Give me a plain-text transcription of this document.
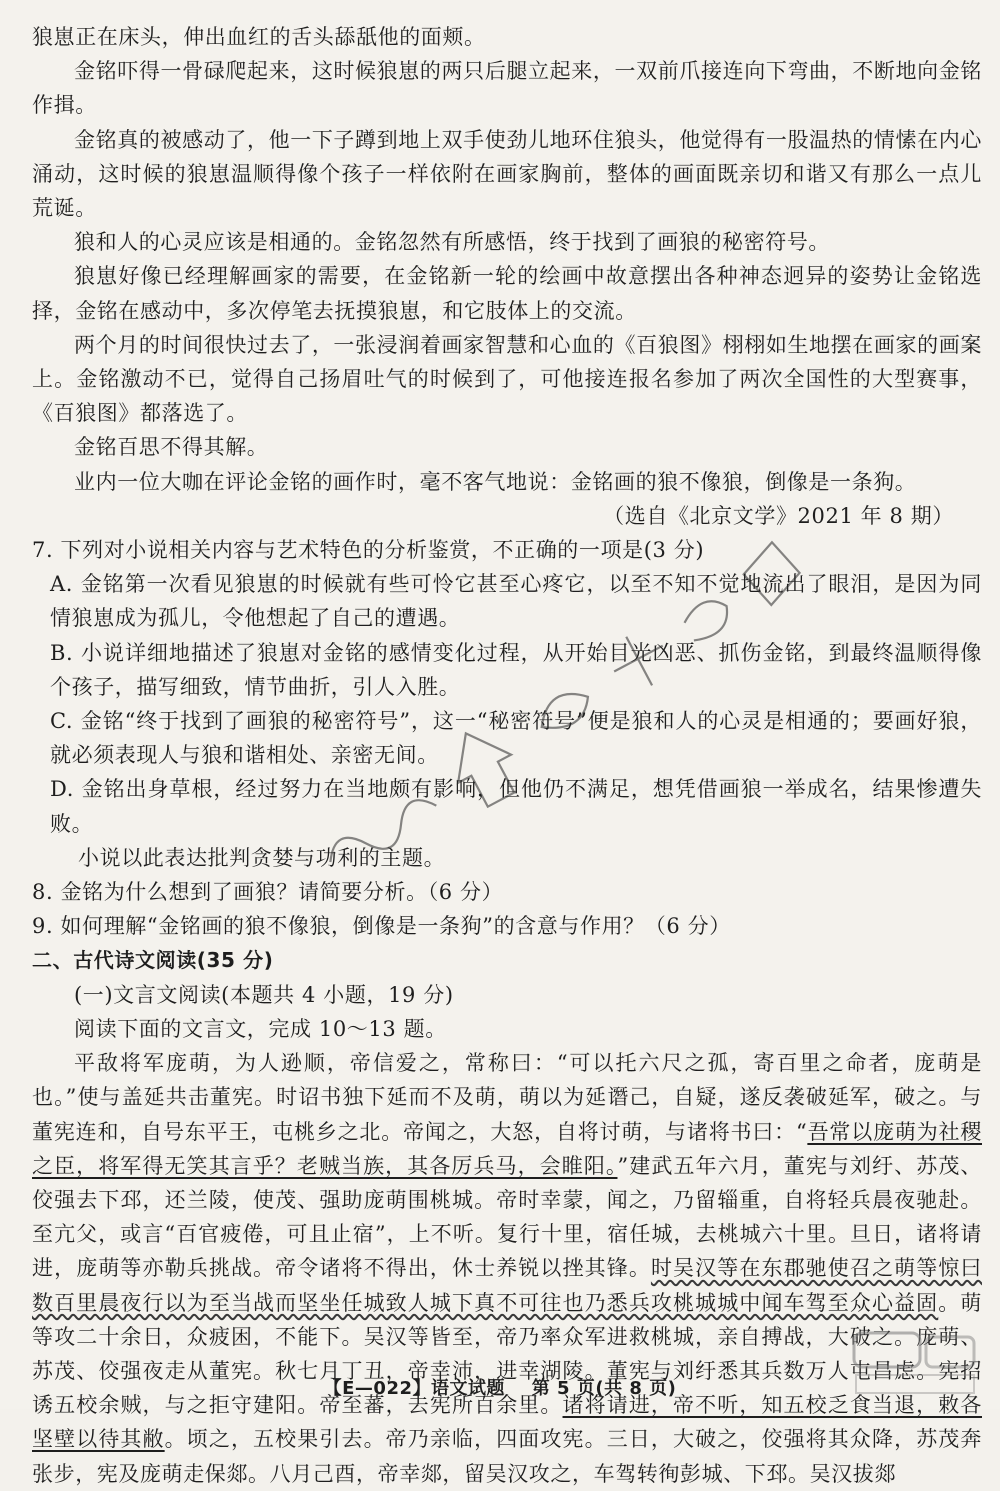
狼崽正在床头，伸出血红的舌头舔舐他的面颊。

金铭吓得一骨碌爬起来，这时候狼崽的两只后腿立起来，一双前爪接连向下弯曲，不断地向金铭作揖。

金铭真的被感动了，他一下子蹲到地上双手使劲儿地环住狼头，他觉得有一股温热的情愫在内心涌动，这时候的狼崽温顺得像个孩子一样依附在画家胸前，整体的画面既亲切和谐又有那么一点儿荒诞。

狼和人的心灵应该是相通的。金铭忽然有所感悟，终于找到了画狼的秘密符号。

狼崽好像已经理解画家的需要，在金铭新一轮的绘画中故意摆出各种神态迥异的姿势让金铭选择，金铭在感动中，多次停笔去抚摸狼崽，和它肢体上的交流。

两个月的时间很快过去了，一张浸润着画家智慧和心血的《百狼图》栩栩如生地摆在画家的画案上。金铭激动不已，觉得自己扬眉吐气的时候到了，可他接连报名参加了两次全国性的大型赛事，《百狼图》都落选了。

金铭百思不得其解。

业内一位大咖在评论金铭的画作时，毫不客气地说：金铭画的狼不像狼，倒像是一条狗。

（选自《北京文学》2021 年 8 期）

7. 下列对小说相关内容与艺术特色的分析鉴赏，不正确的一项是(3 分)

A. 金铭第一次看见狼崽的时候就有些可怜它甚至心疼它，以至不知不觉地流出了眼泪，是因为同情狼崽成为孤儿，令他想起了自己的遭遇。

B. 小说详细地描述了狼崽对金铭的感情变化过程，从开始目光凶恶、抓伤金铭，到最终温顺得像个孩子，描写细致，情节曲折，引人入胜。

C. 金铭“终于找到了画狼的秘密符号”，这一“秘密符号”便是狼和人的心灵是相通的；要画好狼，就必须表现人与狼和谐相处、亲密无间。

D. 金铭出身草根，经过努力在当地颇有影响，但他仍不满足，想凭借画狼一举成名，结果惨遭失败。

小说以此表达批判贪婪与功利的主题。

8. 金铭为什么想到了画狼？请简要分析。（6 分）

9. 如何理解“金铭画的狼不像狼，倒像是一条狗”的含意与作用？（6 分）

二、古代诗文阅读(35 分)

(一)文言文阅读(本题共 4 小题，19 分)

阅读下面的文言文，完成 10～13 题。

平敌将军庞萌，为人逊顺，帝信爱之，常称曰：“可以托六尺之孤，寄百里之命者，庞萌是也。”使与盖延共击董宪。时诏书独下延而不及萌，萌以为延谮己，自疑，遂反袭破延军，破之。与董宪连和，自号东平王，屯桃乡之北。帝闻之，大怒，自将讨萌，与诸将书曰：“吾常以庞萌为社稷之臣，将军得无笑其言乎？老贼当族，其各厉兵马，会睢阳。”建武五年六月，董宪与刘纡、苏茂、佼强去下邳，还兰陵，使茂、强助庞萌围桃城。帝时幸蒙，闻之，乃留辎重，自将轻兵晨夜驰赴。至亢父，或言“百官疲倦，可且止宿”，上不听。复行十里，宿任城，去桃城六十里。旦日，诸将请进，庞萌等亦勒兵挑战。帝令诸将不得出，休士养锐以挫其锋。时吴汉等在东郡驰使召之萌等惊曰数百里晨夜行以为至当战而坚坐任城致人城下真不可往也乃悉兵攻桃城城中闻车驾至众心益固。萌等攻二十余日，众疲困，不能下。吴汉等皆至，帝乃率众军进救桃城，亲自搏战，大破之。庞萌、苏茂、佼强夜走从董宪。秋七月丁丑，帝幸沛，进幸湖陵。董宪与刘纡悉其兵数万人屯昌虑。宪招诱五校余贼，与之拒守建阳。帝至蕃，去宪所百余里。诸将请进，帝不听，知五校乏食当退，敕各坚壁以待其敝。顷之，五校果引去。帝乃亲临，四面攻宪。三日，大破之，佼强将其众降，苏茂奔张步，宪及庞萌走保郯。八月己酉，帝幸郯，留吴汉攻之，车驾转徇彭城、下邳。吴汉拔郯

【E—022】语文试题 第 5 页(共 8 页)
